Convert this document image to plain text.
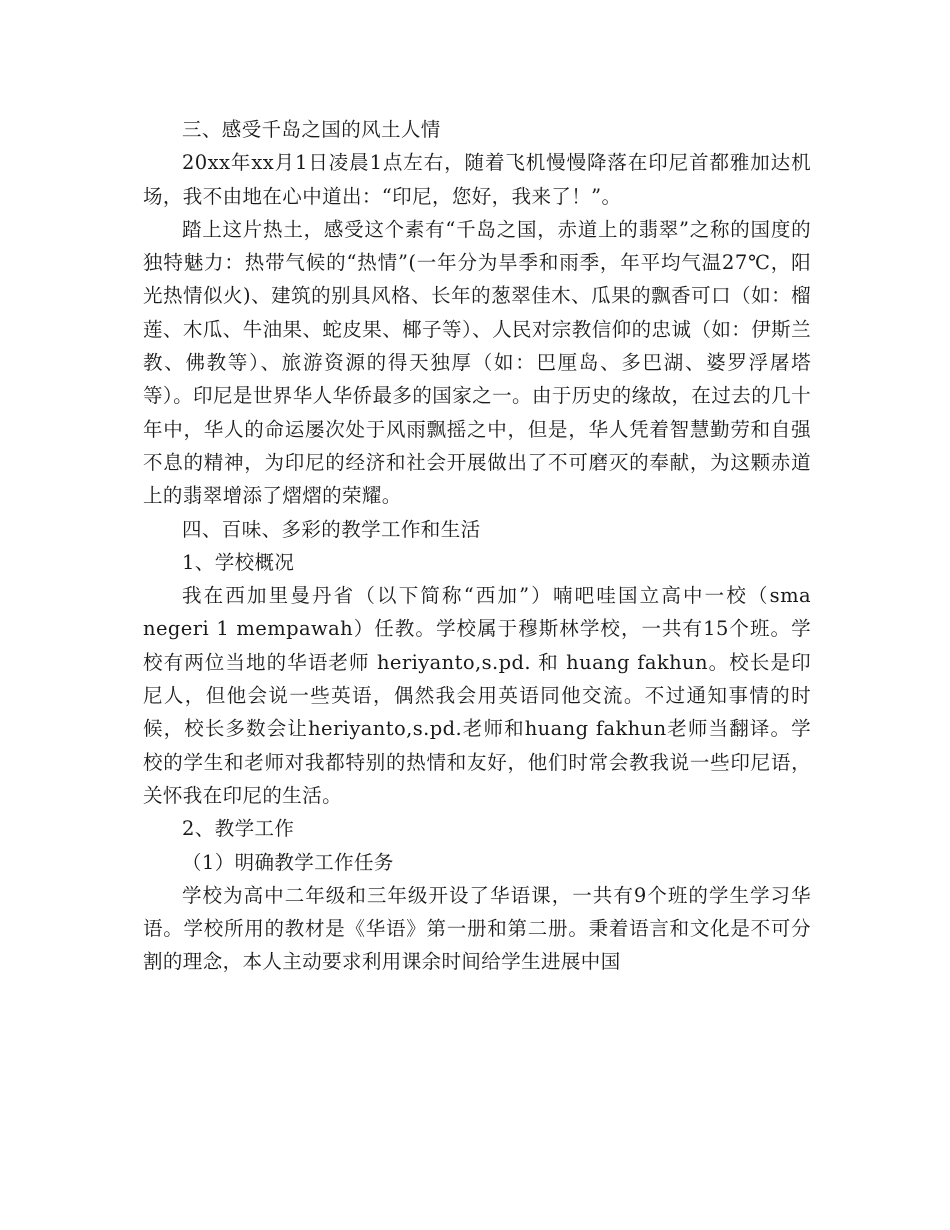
三、感受千岛之国的风土人情

20xx年xx月1日凌晨1点左右，随着飞机慢慢降落在印尼首都雅加达机场，我不由地在心中道出：“印尼，您好，我来了！”。

踏上这片热土，感受这个素有“千岛之国，赤道上的翡翠”之称的国度的独特魅力：热带气候的“热情”(一年分为旱季和雨季，年平均气温27℃，阳光热情似火)、建筑的别具风格、长年的葱翠佳木、瓜果的飘香可口（如：榴莲、木瓜、牛油果、蛇皮果、椰子等）、人民对宗教信仰的忠诚（如：伊斯兰教、佛教等）、旅游资源的得天独厚（如：巴厘岛、多巴湖、婆罗浮屠塔等）。印尼是世界华人华侨最多的国家之一。由于历史的缘故，在过去的几十年中，华人的命运屡次处于风雨飘摇之中，但是，华人凭着智慧勤劳和自强不息的精神，为印尼的经济和社会开展做出了不可磨灭的奉献，为这颗赤道上的翡翠增添了熠熠的荣耀。

四、百味、多彩的教学工作和生活

1、学校概况

我在西加里曼丹省（以下简称“西加”）喃吧哇国立高中一校（sma negeri 1 mempawah）任教。学校属于穆斯林学校，一共有15个班。学校有两位当地的华语老师 heriyanto,s.pd. 和 huang fakhun。校长是印尼人，但他会说一些英语，偶然我会用英语同他交流。不过通知事情的时候，校长多数会让heriyanto,s.pd.老师和huang fakhun老师当翻译。学校的学生和老师对我都特别的热情和友好，他们时常会教我说一些印尼语，关怀我在印尼的生活。

2、教学工作

（1）明确教学工作任务

学校为高中二年级和三年级开设了华语课，一共有9个班的学生学习华语。学校所用的教材是《华语》第一册和第二册。秉着语言和文化是不可分割的理念，本人主动要求利用课余时间给学生进展中国
